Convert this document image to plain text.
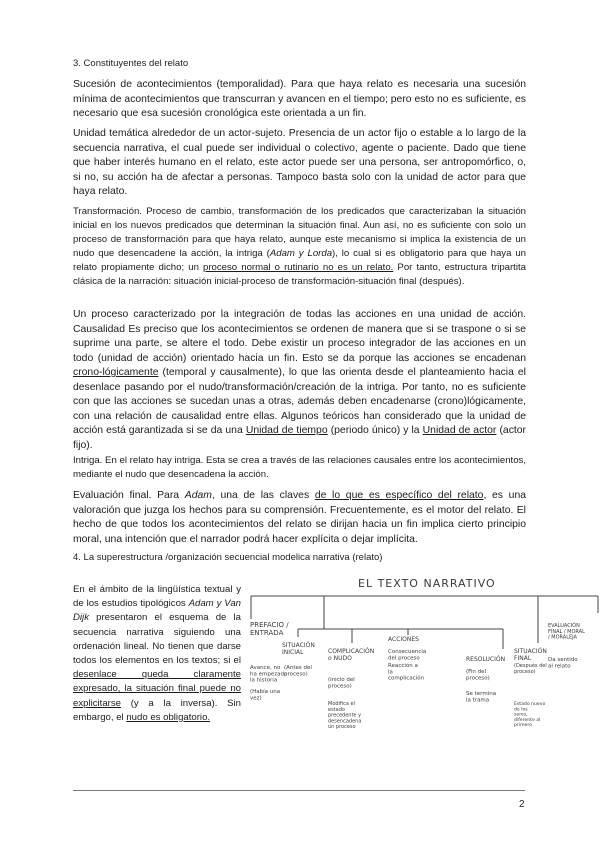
3. Constituyentes del relato
Sucesión de acontecimientos (temporalidad). Para que haya relato es necesaria una sucesión mínima de acontecimientos que transcurran y avancen en el tiempo; pero esto no es suficiente, es necesario que esa sucesión cronológica este orientada a un fin.
Unidad temática alrededor de un actor-sujeto. Presencia de un actor fijo o estable a lo largo de la secuencia narrativa, el cual puede ser individual o colectivo, agente o paciente. Dado que tiene que haber interés humano en el relato, este actor puede ser una persona, ser antropomórfico, o, si no, su acción ha de afectar a personas. Tampoco basta solo con la unidad de actor para que haya relato.
Transformación. Proceso de cambio, transformación de los predicados que caracterizaban la situación inicial en los nuevos predicados que determinan la situación final. Aun así, no es suficiente con solo un proceso de transformación para que haya relato, aunque este mecanismo si implica la existencia de un nudo que desencadene la acción, la intriga (Adam y Lorda), lo cual si es obligatorio para que haya un relato propiamente dicho; un proceso normal o rutinario no es un relato. Por tanto, estructura tripartita clásica de la narración: situación inicial-proceso de transformación-situación final (después).
Un proceso caracterizado por la integración de todas las acciones en una unidad de acción. Causalidad Es preciso que los acontecimientos se ordenen de manera que si se traspone o si se suprime una parte, se altere el todo. Debe existir un proceso integrador de las acciones en un todo (unidad de acción) orientado hacia un fin. Esto se da porque las acciones se encadenan crono-lógicamente (temporal y causalmente), lo que las orienta desde el planteamiento hacia el desenlace pasando por el nudo/transformación/creación de la intriga. Por tanto, no es suficiente con que las acciones se sucedan unas a otras, además deben encadenarse (crono)lógicamente, con una relación de causalidad entre ellas. Algunos teóricos han considerado que la unidad de acción está garantizada si se da una Unidad de tiempo (periodo único) y la Unidad de actor (actor fijo).
Intriga. En el relato hay intriga. Esta se crea a través de las relaciones causales entre los acontecimientos, mediante el nudo que desencadena la acción.
Evaluación final. Para Adam, una de las claves de lo que es específico del relato, es una valoración que juzga los hechos para su comprensión. Frecuentemente, es el motor del relato. El hecho de que todos los acontecimientos del relato se dirijan hacia un fin implica cierto principio moral, una intención que el narrador podrá hacer explícita o dejar implícita.
4. La superestructura /organización secuencial modelica narrativa (relato)
En el ámbito de la lingüística textual y de los estudios tipológicos Adam y Van Dijk presentaron el esquema de la secuencia narrativa siguiendo una ordenación lineal. No tienen que darse todos los elementos en los textos; si el desenlace queda claramente expresado, la situación final puede no explicitarse (y a la inversa). Sin embargo, el nudo es obligatorio.
EL TEXTO NARRATIVO
PREFACIO / ENTRADA
Avance, no ha empezado la historia
(Había una vez)
SITUACIÓN INICIAL
(Antes del proceso)
COMPLICACIÓN o NUDO
(inicio del proceso)
Modifica el estado precedente y desencadena un proceso
ACCIONES
Consecuencia del proceso
Reacción a la complicación
RESOLUCIÓN
(Fin del proceso)
Se termina la trama
SITUACIÓN FINAL
(Después del proceso)
Estado nuevo de los seres, diferente al primero
EVALUACIÓN FINAL / MORAL / MORALEJA
Da sentido al relato
2
